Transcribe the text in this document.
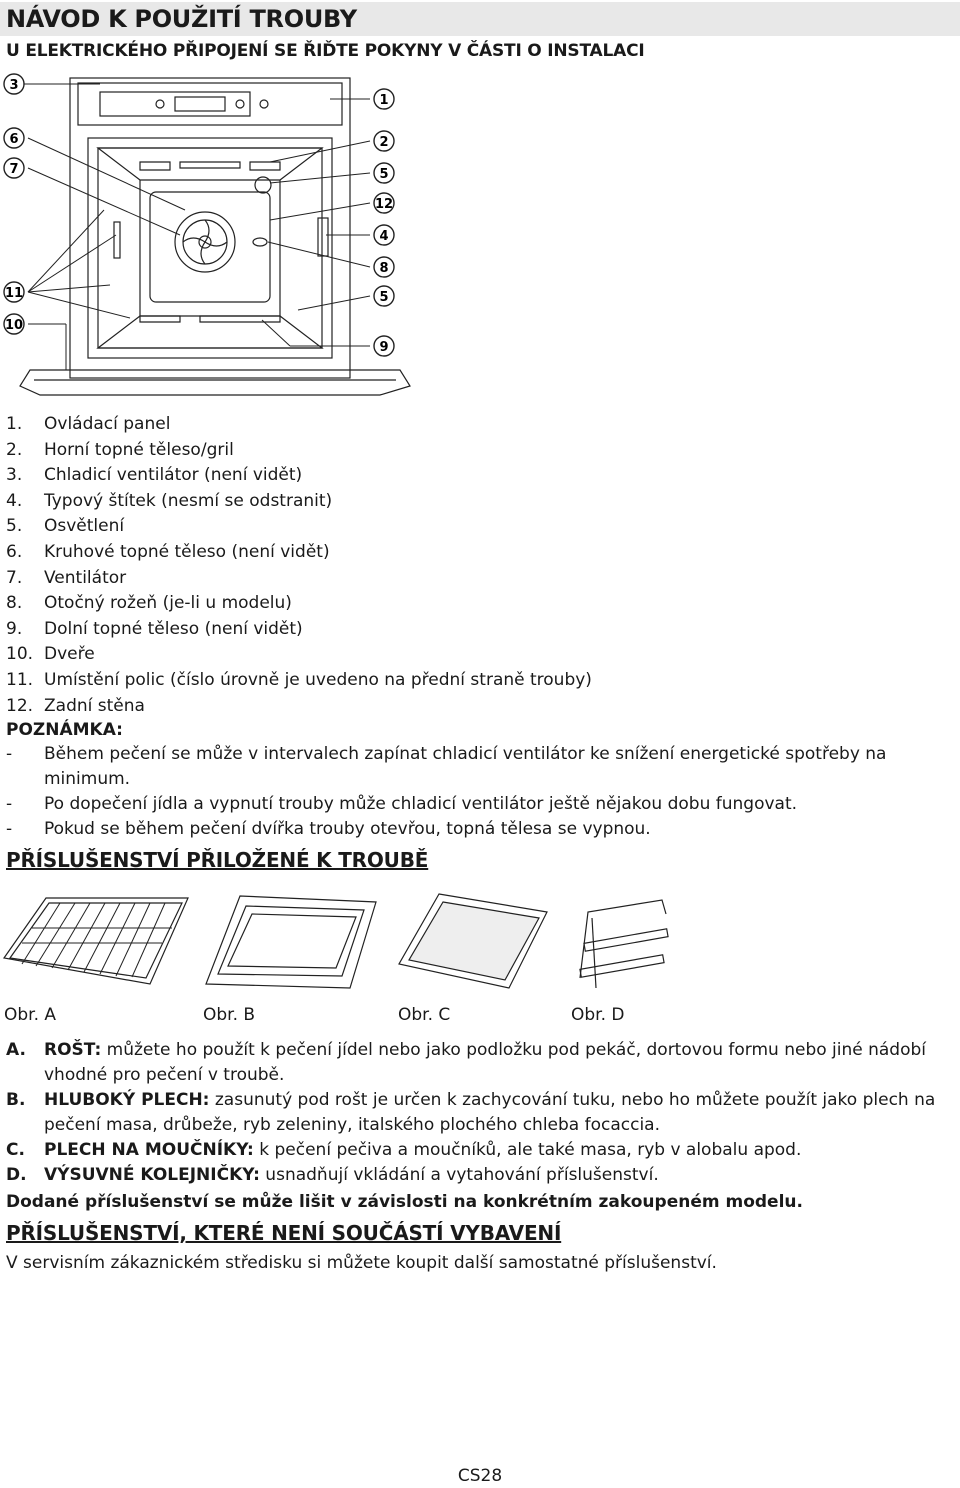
NÁVOD K POUŽITÍ TROUBY
U ELEKTRICKÉHO PŘIPOJENÍ SE ŘIĎTE POKYNY V ČÁSTI O INSTALACI
3
6
7
11
10
1
2
5
12
4
8
5
9
1. Ovládací panel
2. Horní topné těleso/gril
3. Chladicí ventilátor (není vidět)
4. Typový štítek (nesmí se odstranit)
5. Osvětlení
6. Kruhové topné těleso (není vidět)
7. Ventilátor
8. Otočný rožeň (je-li u modelu)
9. Dolní topné těleso (není vidět)
10. Dveře
11. Umístění polic (číslo úrovně je uvedeno na přední straně trouby)
12. Zadní stěna
POZNÁMKA:
- Během pečení se může v intervalech zapínat chladicí ventilátor ke snížení energetické spotřeby na minimum.
- Po dopečení jídla a vypnutí trouby může chladicí ventilátor ještě nějakou dobu fungovat.
- Pokud se během pečení dvířka trouby otevřou, topná tělesa se vypnou.
PŘÍSLUŠENSTVÍ PŘILOŽENÉ K TROUBĚ
Obr. A	Obr. B	Obr. C	Obr. D
A. ROŠT: můžete ho použít k pečení jídel nebo jako podložku pod pekáč, dortovou formu nebo jiné nádobí vhodné pro pečení v troubě.
B. HLUBOKÝ PLECH: zasunutý pod rošt je určen k zachycování tuku, nebo ho můžete použít jako plech na pečení masa, drůbeže, ryb zeleniny, italského plochého chleba focaccia.
C. PLECH NA MOUČNÍKY: k pečení pečiva a moučníků, ale také masa, ryb v alobalu apod.
D. VÝSUVNÉ KOLEJNIČKY: usnadňují vkládání a vytahování příslušenství.
Dodané příslušenství se může lišit v závislosti na konkrétním zakoupeném modelu.
PŘÍSLUŠENSTVÍ, KTERÉ NENÍ SOUČÁSTÍ VYBAVENÍ
V servisním zákaznickém středisku si můžete koupit další samostatné příslušenství.
CS28
